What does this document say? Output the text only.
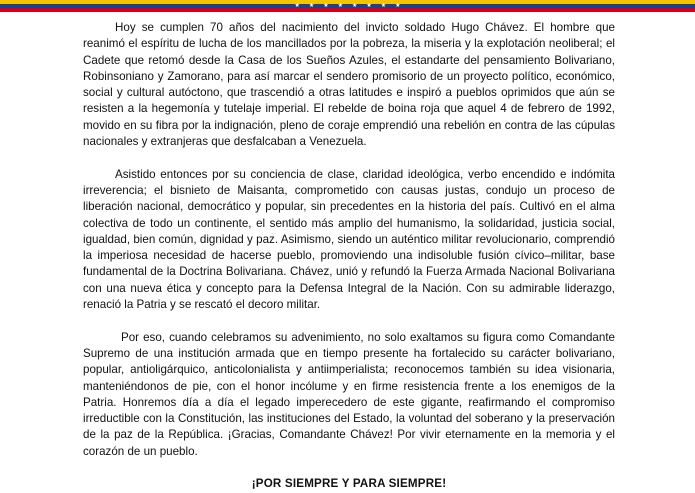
★ ★ ★ ★ ★ ★ ★ ★

Hoy se cumplen 70 años del nacimiento del invicto soldado Hugo Chávez. El hombre que reanimó el espíritu de lucha de los mancillados por la pobreza, la miseria y la explotación neoliberal; el Cadete que retomó desde la Casa de los Sueños Azules, el estandarte del pensamiento Bolivariano, Robinsoniano y Zamorano, para así marcar el sendero promisorio de un proyecto político, económico, social y cultural autóctono, que trascendió a otras latitudes e inspiró a pueblos oprimidos que aún se resisten a la hegemonía y tutelaje imperial. El rebelde de boina roja que aquel 4 de febrero de 1992, movido en su fibra por la indignación, pleno de coraje emprendió una rebelión en contra de las cúpulas nacionales y extranjeras que desfalcaban a Venezuela.

Asistido entonces por su conciencia de clase, claridad ideológica, verbo encendido e indómita irreverencia; el bisnieto de Maisanta, comprometido con causas justas, condujo un proceso de liberación nacional, democrático y popular, sin precedentes en la historia del país. Cultivó en el alma colectiva de todo un continente, el sentido más amplio del humanismo, la solidaridad, justicia social, igualdad, bien común, dignidad y paz. Asimismo, siendo un auténtico militar revolucionario, comprendió la imperiosa necesidad de hacerse pueblo, promoviendo una indisoluble fusión cívico–militar, base fundamental de la Doctrina Bolivariana. Chávez, unió y refundó la Fuerza Armada Nacional Bolivariana con una nueva ética y concepto para la Defensa Integral de la Nación. Con su admirable liderazgo, renació la Patria y se rescató el decoro militar.

Por eso, cuando celebramos su advenimiento, no solo exaltamos su figura como Comandante Supremo de una institución armada que en tiempo presente ha fortalecido su carácter bolivariano, popular, antioligárquico, anticolonialista y antiimperialista; reconocemos también su idea visionaria, manteniéndonos de pie, con el honor incólume y en firme resistencia frente a los enemigos de la Patria. Honremos día a día el legado imperecedero de este gigante, reafirmando el compromiso irreductible con la Constitución, las instituciones del Estado, la voluntad del soberano y la preservación de la paz de la República. ¡Gracias, Comandante Chávez! Por vivir eternamente en la memoria y el corazón de un pueblo.

¡POR SIEMPRE Y PARA SIEMPRE!
